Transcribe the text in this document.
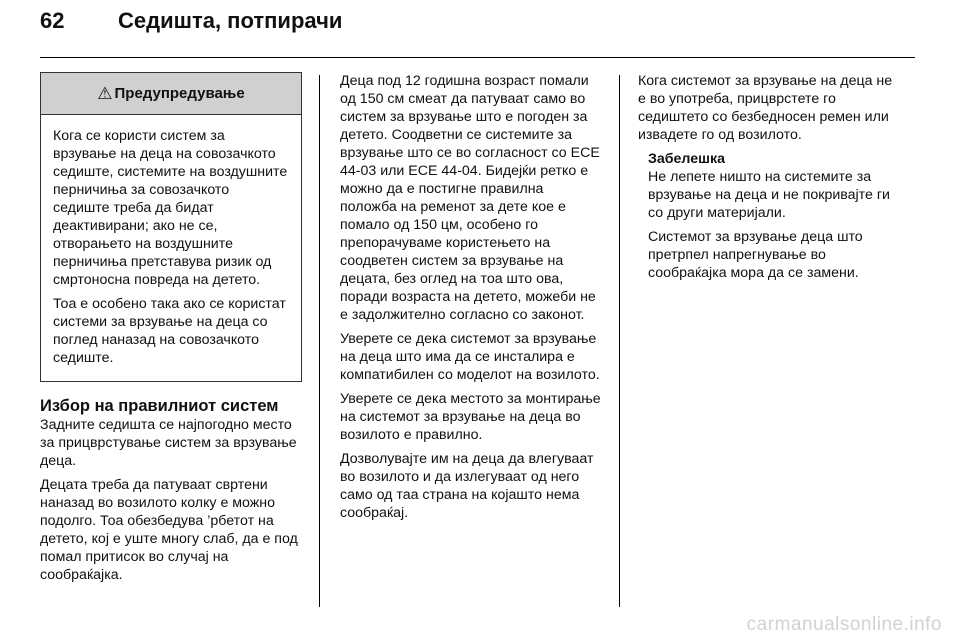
62	Седишта, потпирачи
⚠ Предупредување

Кога се користи систем за врзување на деца на совозачкото седиште, системите на воздушните перничиња за совозачкото седиште треба да бидат деактивирани; ако не се, отворањето на воздушните перничиња претставува ризик од смртоносна повреда на детето.

Тоа е особено така ако се користат системи за врзување на деца со поглед наназад на совозачкото седиште.

Избор на правилниот систем

Задните седишта се најпогодно место за прицврстување систем за врзување деца.

Децата треба да патуваат свртени наназад во возилото колку е можно подолго. Тоа обезбедува ’рбетот на детето, кој е уште многу слаб, да е под помал притисок во случај на сообраќајка.

Деца под 12 годишна возраст помали од 150 см смеат да патуваат само во систем за врзување што е погоден за детето. Соодветни се системите за врзување што се во согласност со ECE 44-03 или ECE 44-04. Бидејќи ретко е можно да е постигне правилна положба на ременот за дете кое е помало од 150 цм, особено го препорачуваме користењето на соодветен систем за врзување на децата, без оглед на тоа што ова, поради возраста на детето, можеби не е задолжително согласно со законот.

Уверете се дека системот за врзување на деца што има да се инсталира е компатибилен со моделот на возилото.

Уверете се дека местото за монтирање на системот за врзување на деца во возилото е правилно.

Дозволувајте им на деца да влегуваат во возилото и да излегуваат од него само од таа страна на којашто нема сообраќај.

Кога системот за врзување на деца не е во употреба, прицврстете го седиштето со безбедносен ремен или извадете го од возилото.

Забелешка

Не лепете ништо на системите за врзување на деца и не покривајте ги со други материјали.

Системот за врзување деца што претрпел напрегнување во сообраќајка мора да се замени.

carmanualsonline.info
